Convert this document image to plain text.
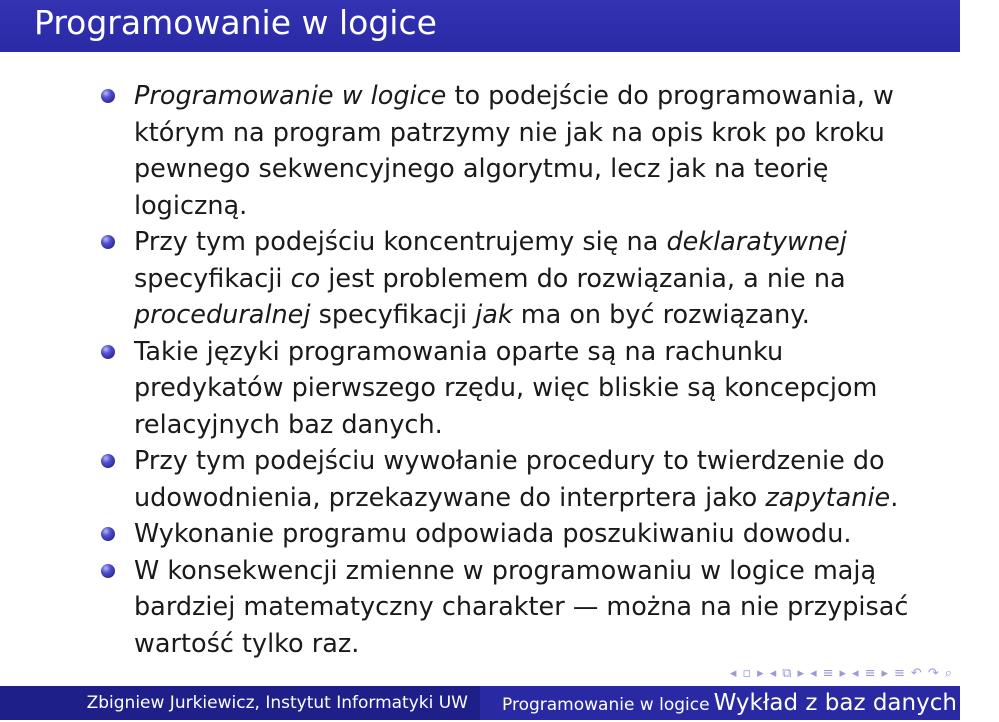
Programowanie w logice
Programowanie w logice to podejście do programowania, w którym na program patrzymy nie jak na opis krok po kroku pewnego sekwencyjnego algorytmu, lecz jak na teorię logiczną.
Przy tym podejściu koncentrujemy się na deklaratywnej specyfikacji co jest problemem do rozwiązania, a nie na proceduralnej specyfikacji jak ma on być rozwiązany.
Takie języki programowania oparte są na rachunku predykatów pierwszego rzędu, więc bliskie są koncepcjom relacyjnych baz danych.
Przy tym podejściu wywołanie procedury to twierdzenie do udowodnienia, przekazywane do interprtera jako zapytanie.
Wykonanie programu odpowiada poszukiwaniu dowodu.
W konsekwencji zmienne w programowaniu w logice mają bardziej matematyczny charakter — można na nie przypisać wartość tylko raz.
◂ ▫ ▸ ◂ ⧉ ▸ ◂ ≡ ▸ ◂ ≡ ▸ ≡ ↶ ↷ ⌕
Zbigniew Jurkiewicz, Instytut Informatyki UW	Programowanie w logice Wykład z baz danych dla
